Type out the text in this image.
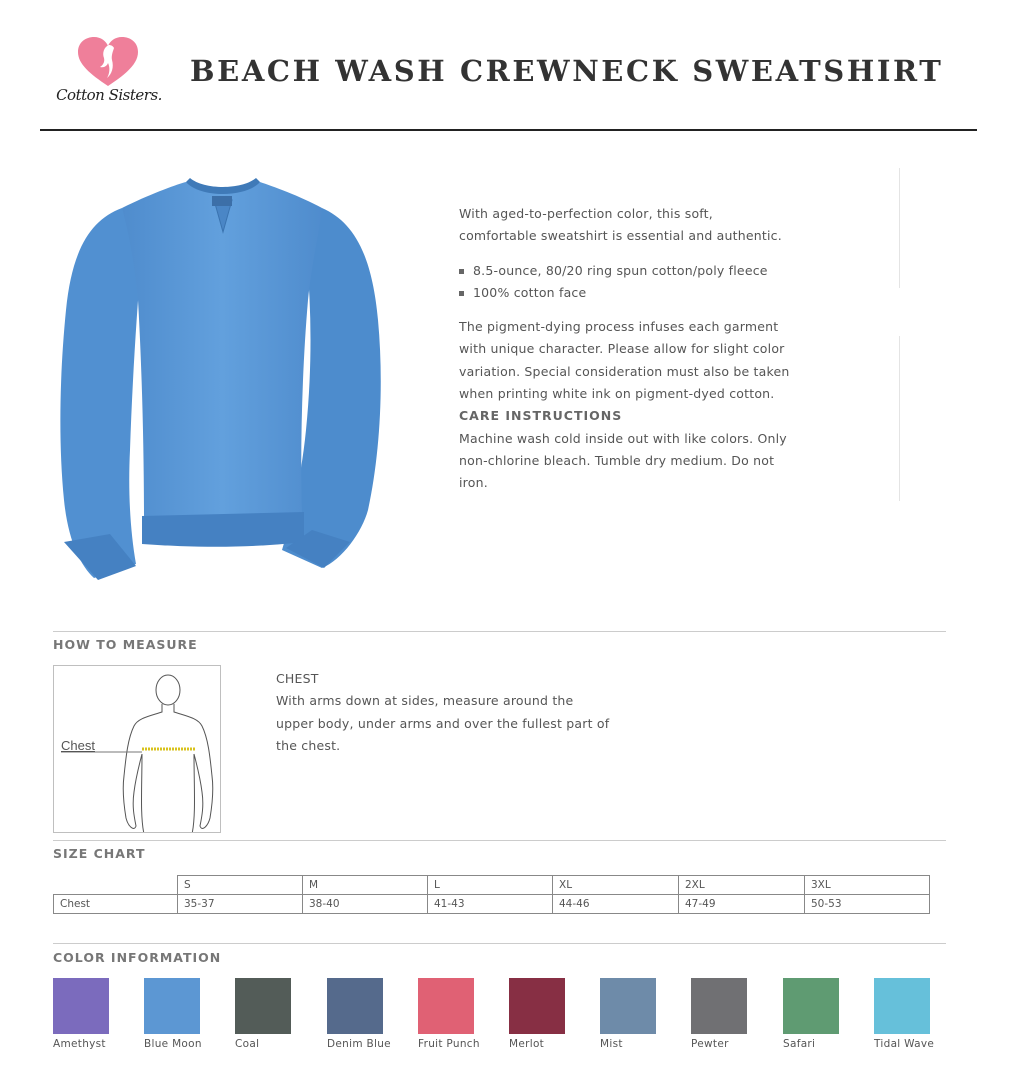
Cotton Sisters.
BEACH WASH CREWNECK SWEATSHIRT

With aged-to-perfection color, this soft,

comfortable sweatshirt is essential and authentic.

8.5-ounce, 80/20 ring spun cotton/poly fleece
100% cotton face

The pigment-dying process infuses each garment

with unique character. Please allow for slight color

variation. Special consideration must also be taken

when printing white ink on pigment-dyed cotton.

CARE INSTRUCTIONS

Machine wash cold inside out with like colors. Only

non-chlorine bleach. Tumble dry medium. Do not

iron.

HOW TO MEASURE
Chest

CHEST

With arms down at sides, measure around the

upper body, under arms and over the fullest part of

the chest.

SIZE CHART
	S	M	L	XL	2XL	3XL
Chest	35-37	38-40	41-43	44-46	47-49	50-53
COLOR INFORMATION
Amethyst	Blue Moon	Coal	Denim Blue	Fruit Punch	Merlot	Mist	Pewter	Safari	Tidal Wave
